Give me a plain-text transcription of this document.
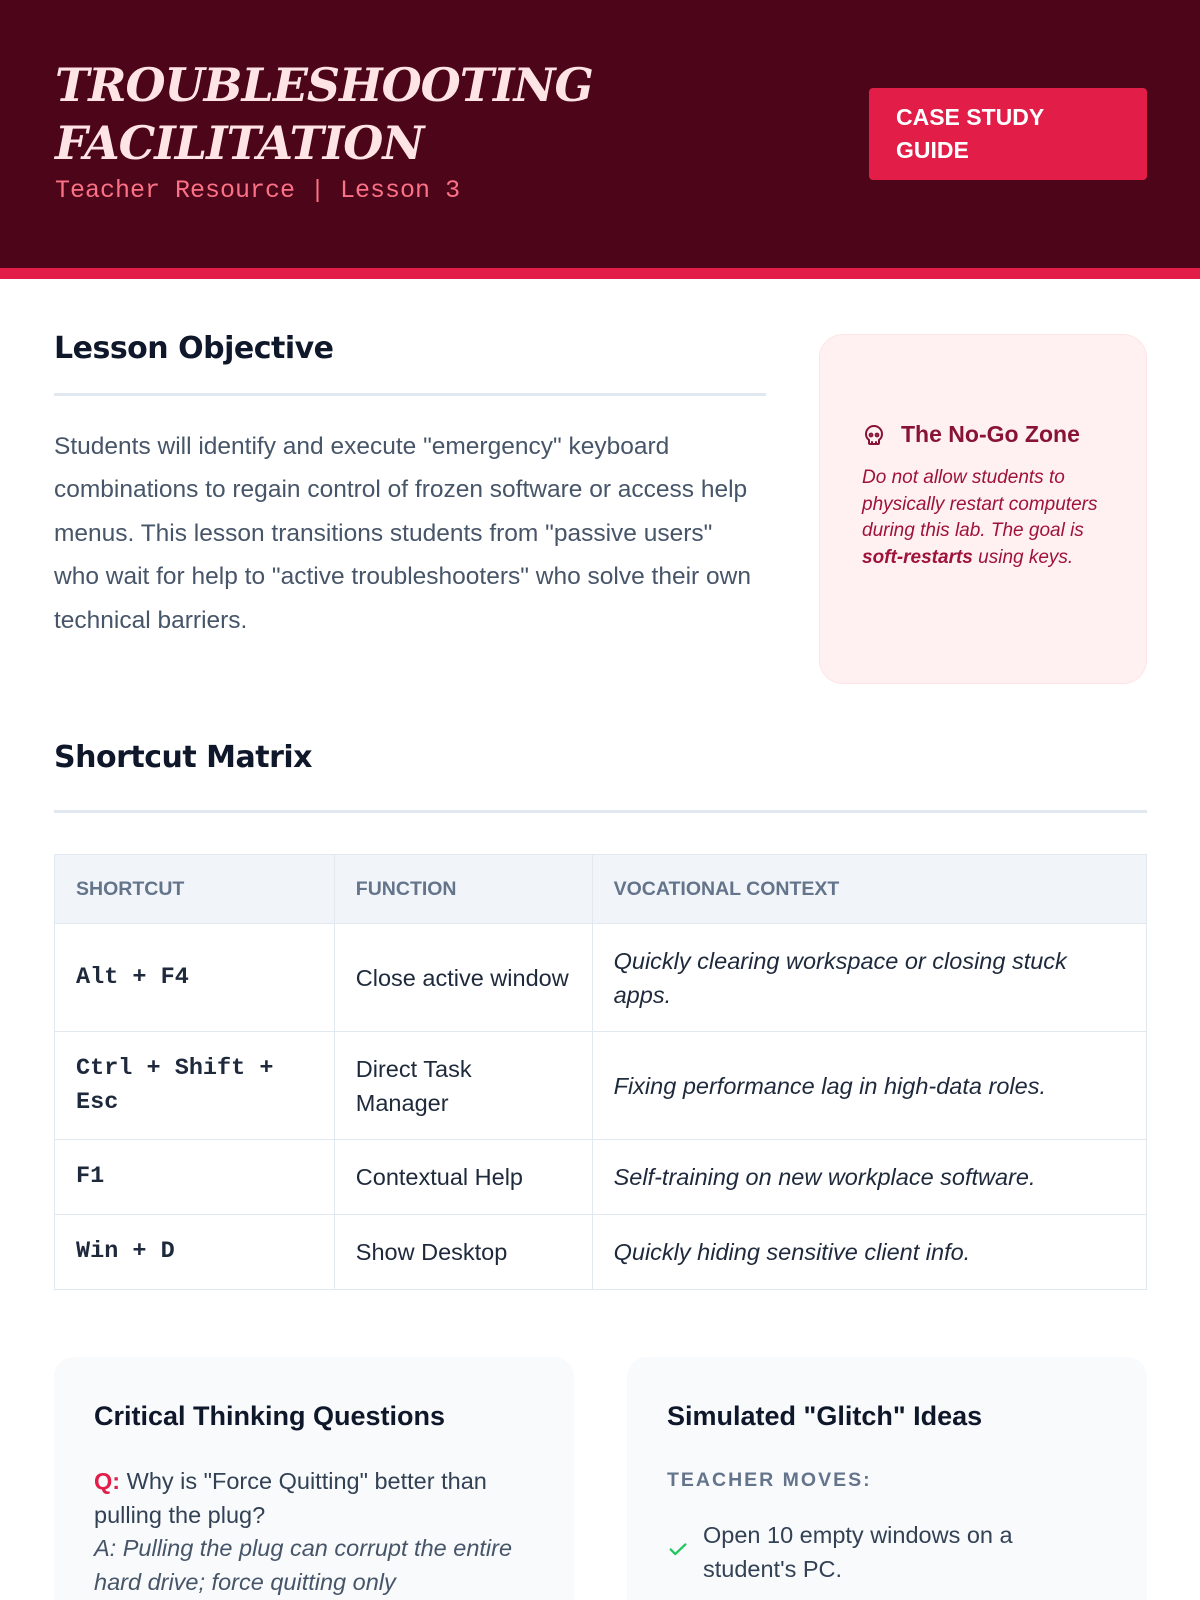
TROUBLESHOOTING FACILITATION
Teacher Resource | Lesson 3
CASE STUDY GUIDE
Lesson Objective
Students will identify and execute "emergency" keyboard combinations to regain control of frozen software or access help menus. This lesson transitions students from "passive users" who wait for help to "active troubleshooters" who solve their own technical barriers.
The No-Go Zone
Do not allow students to physically restart computers during this lab. The goal is soft-restarts using keys.
Shortcut Matrix
SHORTCUT	FUNCTION	VOCATIONAL CONTEXT
Alt + F4	Close active window	Quickly clearing workspace or closing stuck apps.
Ctrl + Shift + Esc	Direct Task Manager	Fixing performance lag in high-data roles.
F1	Contextual Help	Self-training on new workplace software.
Win + D	Show Desktop	Quickly hiding sensitive client info.
Critical Thinking Questions
Q: Why is "Force Quitting" better than pulling the plug?
A: Pulling the plug can corrupt the entire hard drive; force quitting only
Simulated "Glitch" Ideas
TEACHER MOVES:
Open 10 empty windows on a student's PC.
